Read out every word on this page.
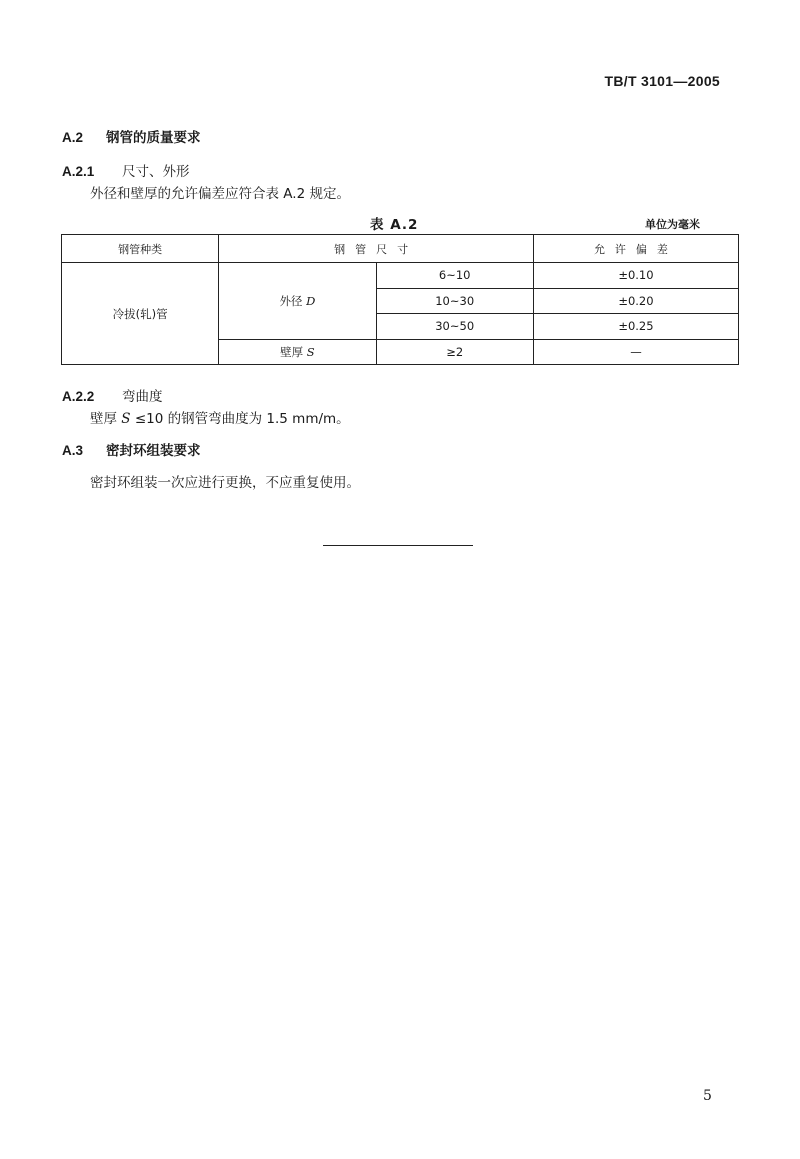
TB/T 3101—2005
A.2 钢管的质量要求
A.2.1 尺寸、外形
外径和壁厚的允许偏差应符合表 A.2 规定。
表 A.2	单位为毫米
钢管种类	钢管尺寸		允许偏差
冷拔(轧)管	外径 D	6~10	±0.10
		10~30	±0.20
		30~50	±0.25
	壁厚 S	≥2	—
A.2.2 弯曲度
壁厚 S ≤10 的钢管弯曲度为 1.5 mm/m。
A.3 密封环组装要求
密封环组装一次应进行更换，不应重复使用。
5
